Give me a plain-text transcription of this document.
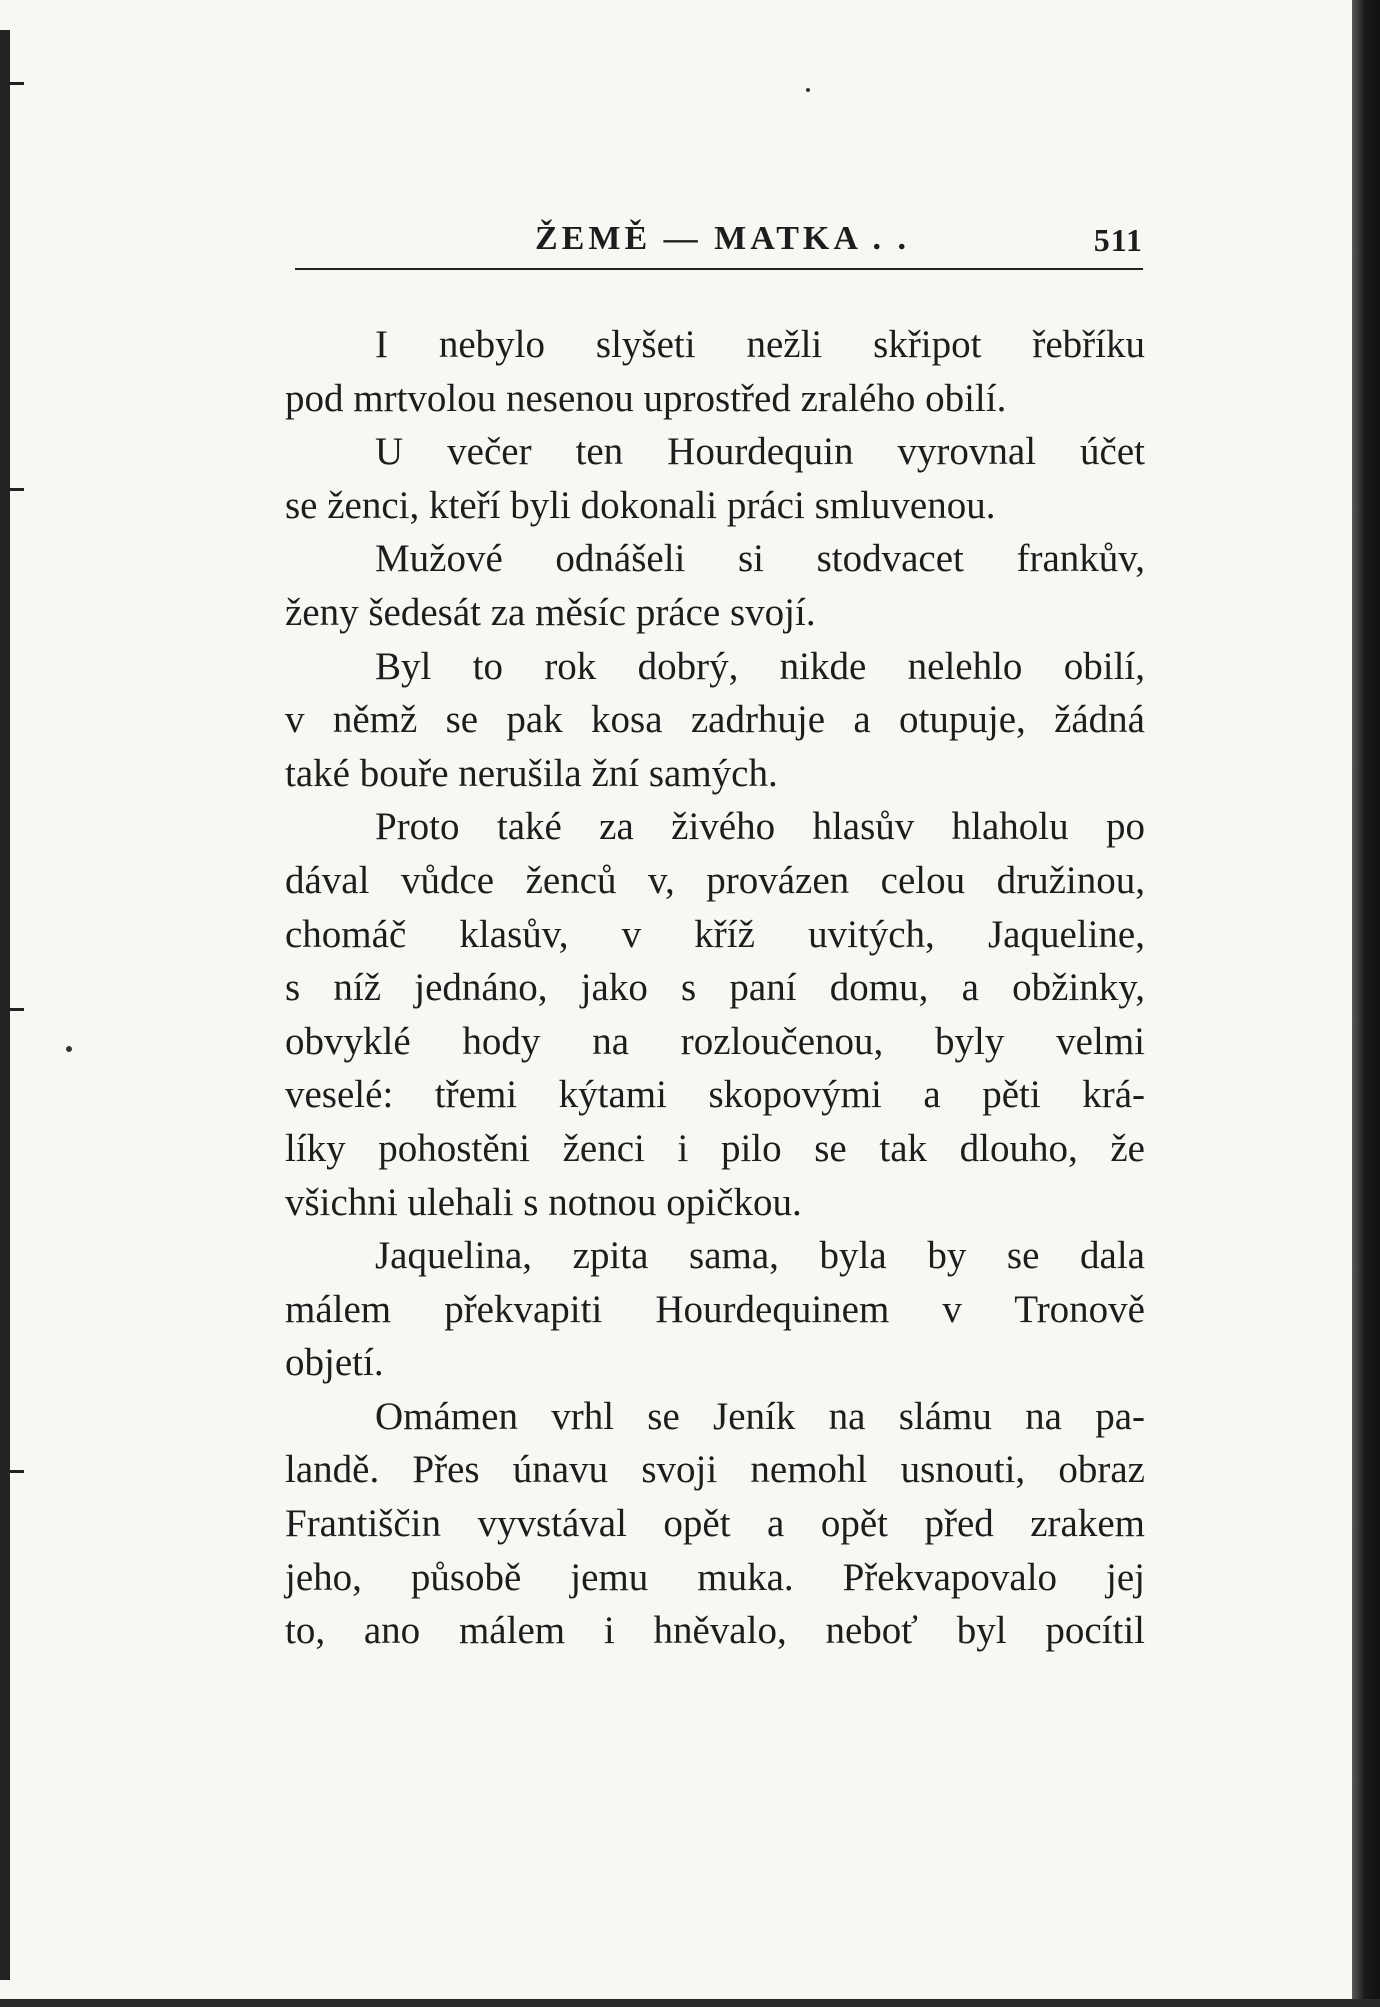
ŽEMĚ — MATKA . .	511
I nebylo slyšeti nežli skřipot řebříku
pod mrtvolou nesenou uprostřed zralého obilí.
U večer ten Hourdequin vyrovnal účet
se ženci, kteří byli dokonali práci smluvenou.
Mužové odnášeli si stodvacet frankův,
ženy šedesát za měsíc práce svojí.
Byl to rok dobrý, nikde nelehlo obilí,
v němž se pak kosa zadrhuje a otupuje, žádná
také bouře nerušila žní samých.
Proto také za živého hlasův hlaholu po
dával vůdce ženců v, provázen celou družinou,
chomáč klasův, v kříž uvitých, Jaqueline,
s níž jednáno, jako s paní domu, a obžinky,
obvyklé hody na rozloučenou, byly velmi
veselé: třemi kýtami skopovými a pěti krá-
líky pohostěni ženci i pilo se tak dlouho, že
všichni ulehali s notnou opičkou.
Jaquelina, zpita sama, byla by se dala
málem překvapiti Hourdequinem v Tronově
objetí.
Omámen vrhl se Jeník na slámu na pa-
landě. Přes únavu svoji nemohl usnouti, obraz
Františčin vyvstával opět a opět před zrakem
jeho, působě jemu muka. Překvapovalo jej
to, ano málem i hněvalo, neboť byl pocítil
